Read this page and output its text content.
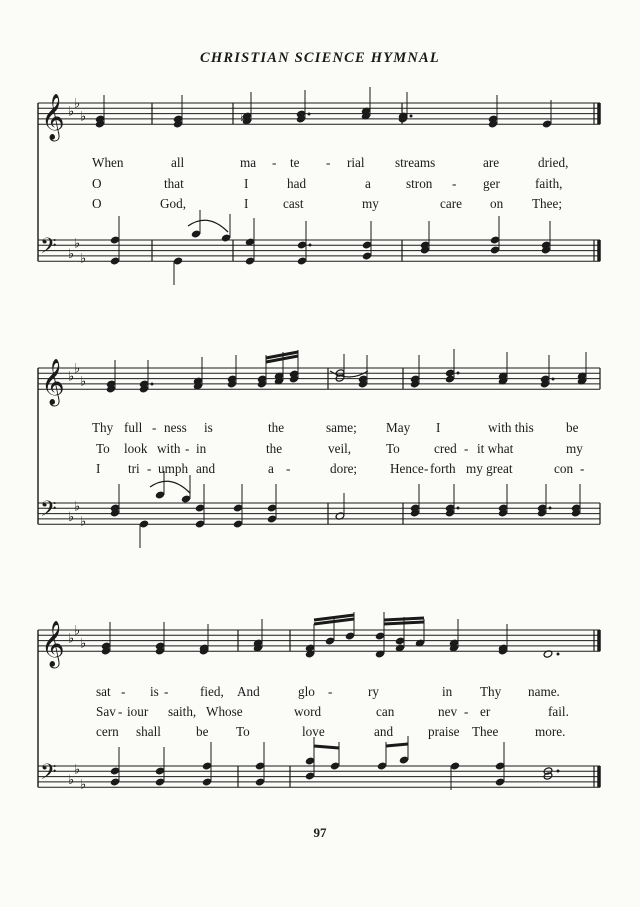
𝄞
𝄢
♭
♭
♭
♭
♭
♭
𝄞
𝄢
♭
♭
♭
♭
♭
♭
𝄞
𝄢
♭
♭
♭
♭
♭
♭
♮
CHRISTIAN SCIENCE HYMNAL
When	all	ma - te - rial streams	are	dried,
O	that	I	had	a	stron - ger	faith,
O	God,	I	cast	my	care on Thee;
Thy full - ness is	the	same; May I	with this be
To look with - in	the	veil,	To	cred - it what	my
I tri - umph and	a -	dore; Hence - forth my great	con -
sat - is - fied, And	glo -	ry	in Thy name.
Sav - iour saith, Whose	word	can	nev - er	fail.
cern shall	be To	love	and	praise Thee	more.
97
